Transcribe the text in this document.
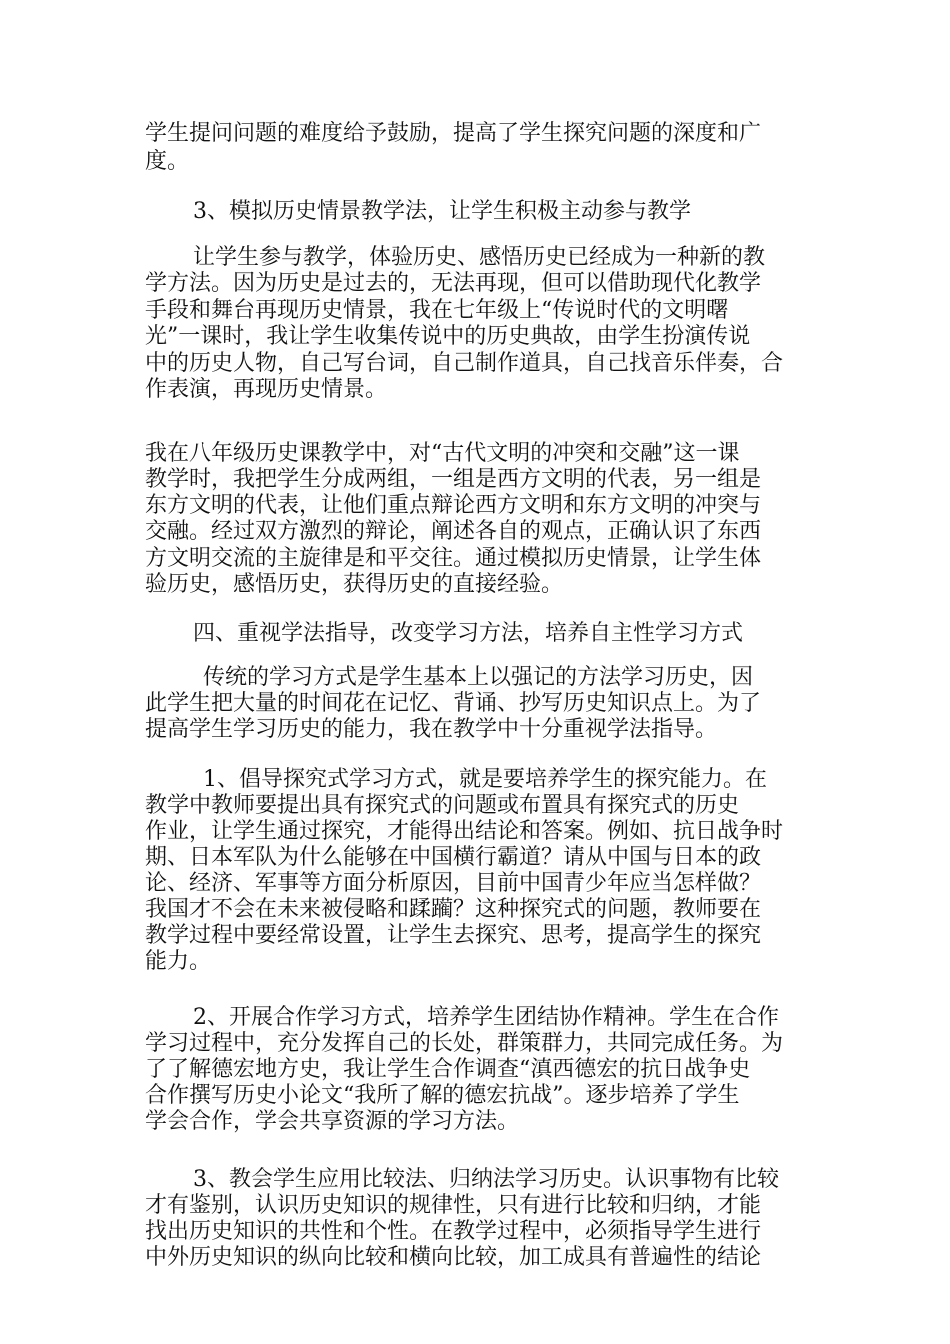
学生提问问题的难度给予鼓励，提高了学生探究问题的深度和广
度。
3、模拟历史情景教学法，让学生积极主动参与教学
让学生参与教学，体验历史、感悟历史已经成为一种新的教
学方法。因为历史是过去的，无法再现，但可以借助现代化教学
手段和舞台再现历史情景，我在七年级上“传说时代的文明曙
光”一课时，我让学生收集传说中的历史典故，由学生扮演传说
中的历史人物，自己写台词，自己制作道具，自己找音乐伴奏，合
作表演，再现历史情景。
我在八年级历史课教学中，对“古代文明的冲突和交融”这一课
教学时，我把学生分成两组，一组是西方文明的代表，另一组是
东方文明的代表，让他们重点辩论西方文明和东方文明的冲突与
交融。经过双方激烈的辩论，阐述各自的观点，正确认识了东西
方文明交流的主旋律是和平交往。通过模拟历史情景，让学生体
验历史，感悟历史，获得历史的直接经验。
四、重视学法指导，改变学习方法，培养自主性学习方式
传统的学习方式是学生基本上以强记的方法学习历史，因
此学生把大量的时间花在记忆、背诵、抄写历史知识点上。为了
提高学生学习历史的能力，我在教学中十分重视学法指导。
1、倡导探究式学习方式，就是要培养学生的探究能力。在
教学中教师要提出具有探究式的问题或布置具有探究式的历史
作业，让学生通过探究，才能得出结论和答案。例如、抗日战争时
期、日本军队为什么能够在中国横行霸道？请从中国与日本的政
论、经济、军事等方面分析原因，目前中国青少年应当怎样做？
我国才不会在未来被侵略和蹂躏？这种探究式的问题，教师要在
教学过程中要经常设置，让学生去探究、思考，提高学生的探究
能力。
2、开展合作学习方式，培养学生团结协作精神。学生在合作
学习过程中，充分发挥自己的长处，群策群力，共同完成任务。为
了了解德宏地方史，我让学生合作调查“滇西德宏的抗日战争史
合作撰写历史小论文“我所了解的德宏抗战”。逐步培养了学生
学会合作，学会共享资源的学习方法。
3、教会学生应用比较法、归纳法学习历史。认识事物有比较
才有鉴别，认识历史知识的规律性，只有进行比较和归纳，才能
找出历史知识的共性和个性。在教学过程中，必须指导学生进行
中外历史知识的纵向比较和横向比较，加工成具有普遍性的结论
